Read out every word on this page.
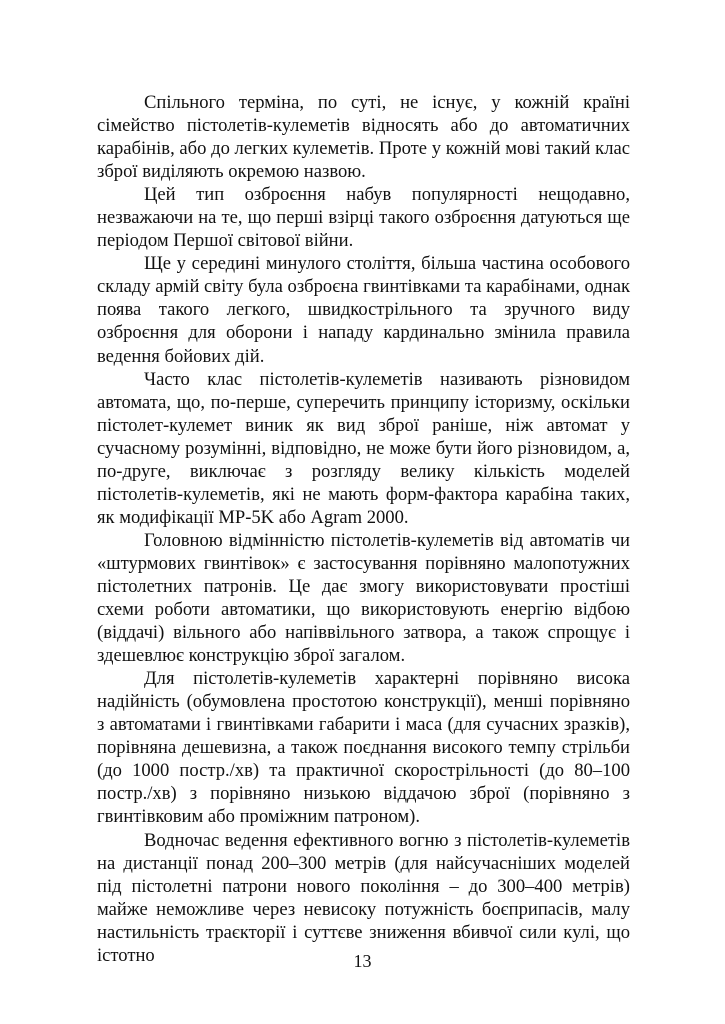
Спільного терміна, по суті, не існує, у кожній країні сімейство пістолетів-кулеметів відносять або до автоматичних карабінів, або до легких кулеметів. Проте у кожній мові такий клас зброї виділяють окремою назвою.

Цей тип озброєння набув популярності нещодавно, незважаючи на те, що перші взірці такого озброєння датуються ще періодом Першої світової війни.

Ще у середині минулого століття, більша частина особового складу армій світу була озброєна гвинтівками та карабінами, однак поява такого легкого, швидкострільного та зручного виду озброєння для оборони і нападу кардинально змінила правила ведення бойових дій.

Часто клас пістолетів-кулеметів називають різновидом автомата, що, по-перше, суперечить принципу історизму, оскільки пістолет-кулемет виник як вид зброї раніше, ніж автомат у сучасному розумінні, відповідно, не може бути його різновидом, а, по-друге, виключає з розгляду велику кількість моделей пістолетів-кулеметів, які не мають форм-фактора карабіна таких, як модифікації MP-5K або Agram 2000.

Головною відмінністю пістолетів-кулеметів від автоматів чи «штурмових гвинтівок» є застосування порівняно малопотужних пістолетних патронів. Це дає змогу використовувати простіші схеми роботи автоматики, що використовують енергію відбою (віддачі) вільного або напіввільного затвора, а також спрощує і здешевлює конструкцію зброї загалом.

Для пістолетів-кулеметів характерні порівняно висока надійність (обумовлена простотою конструкції), менші порівняно з автоматами і гвинтівками габарити і маса (для сучасних зразків), порівняна дешевизна, а також поєднання високого темпу стрільби (до 1000 постр./хв) та практичної скорострільності (до 80–100 постр./хв) з порівняно низькою віддачою зброї (порівняно з гвинтівковим або проміжним патроном).

Водночас ведення ефективного вогню з пістолетів-кулеметів на дистанції понад 200–300 метрів (для найсучасніших моделей під пістолетні патрони нового покоління – до 300–400 метрів) майже неможливе через невисоку потужність боєприпасів, малу настильність траєкторії і суттєве зниження вбивчої сили кулі, що істотно	13
